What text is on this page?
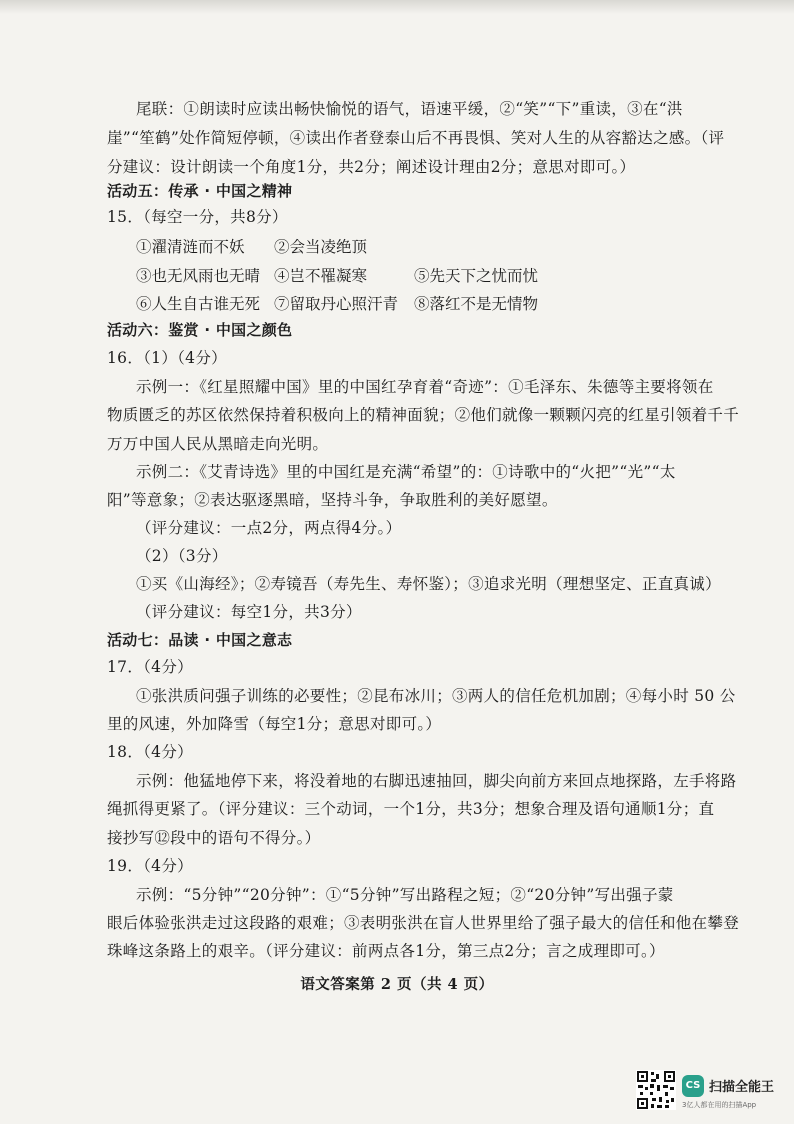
尾联：①朗读时应读出畅快愉悦的语气，语速平缓，②“笑”“下”重读，③在“洪
崖”“笙鹤”处作简短停顿，④读出作者登泰山后不再畏惧、笑对人生的从容豁达之感。（评
分建议：设计朗读一个角度1分，共2分；阐述设计理由2分；意思对即可。）
活动五：传承 · 中国之精神
15．（每空一分，共8分）
①濯清涟而不妖 ②会当凌绝顶
③也无风雨也无晴 ④岂不罹凝寒	⑤先天下之忧而忧
⑥人生自古谁无死 ⑦留取丹心照汗青 ⑧落红不是无情物
活动六：鉴赏 · 中国之颜色
16．（1）（4分）
示例一：《红星照耀中国》里的中国红孕育着“奇迹”：①毛泽东、朱德等主要将领在
物质匮乏的苏区依然保持着积极向上的精神面貌；②他们就像一颗颗闪亮的红星引领着千千
万万中国人民从黑暗走向光明。
示例二：《艾青诗选》里的中国红是充满“希望”的：①诗歌中的“火把”“光”“太
阳”等意象；②表达驱逐黑暗，坚持斗争，争取胜利的美好愿望。
（评分建议：一点2分，两点得4分。）
（2）（3分）
①买《山海经》；②寿镜吾（寿先生、寿怀鉴）；③追求光明（理想坚定、正直真诚）
（评分建议：每空1分，共3分）
活动七：品读 · 中国之意志
17．（4分）
①张洪质问强子训练的必要性；②昆布冰川；③两人的信任危机加剧；④每小时 50 公
里的风速，外加降雪（每空1分；意思对即可。）
18．（4分）
示例：他猛地停下来，将没着地的右脚迅速抽回，脚尖向前方来回点地探路，左手将路
绳抓得更紧了。（评分建议：三个动词，一个1分，共3分；想象合理及语句通顺1分；直
接抄写⑫段中的语句不得分。）
19．（4分）
示例：“5分钟”“20分钟”：①“5分钟”写出路程之短；②“20分钟”写出强子蒙
眼后体验张洪走过这段路的艰难；③表明张洪在盲人世界里给了强子最大的信任和他在攀登
珠峰这条路上的艰辛。（评分建议：前两点各1分，第三点2分；言之成理即可。）
语文答案第 2 页（共 4 页）
CS 扫描全能王
3亿人都在用的扫描App
